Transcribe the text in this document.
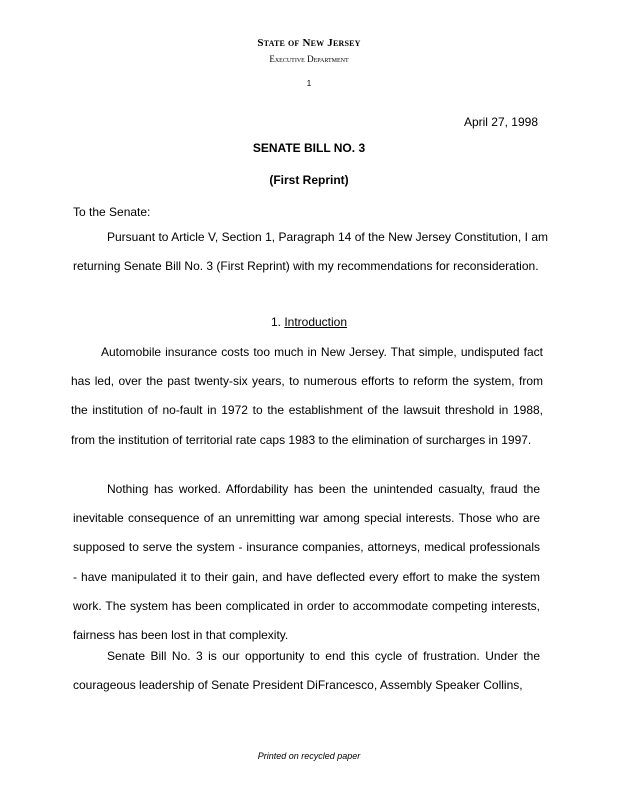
State of New Jersey

Executive Department

1

April 27, 1998

SENATE BILL NO. 3

(First Reprint)

To the Senate:

Pursuant to Article V, Section 1, Paragraph 14 of the New Jersey Constitution, I am returning Senate Bill No. 3 (First Reprint) with my recommendations for reconsideration.

1. Introduction

Automobile insurance costs too much in New Jersey. That simple, undisputed fact has led, over the past twenty-six years, to numerous efforts to reform the system, from the institution of no-fault in 1972 to the establishment of the lawsuit threshold in 1988, from the institution of territorial rate caps 1983 to the elimination of surcharges in 1997.

Nothing has worked. Affordability has been the unintended casualty, fraud the inevitable consequence of an unremitting war among special interests. Those who are supposed to serve the system - insurance companies, attorneys, medical professionals - have manipulated it to their gain, and have deflected every effort to make the system work. The system has been complicated in order to accommodate competing interests, fairness has been lost in that complexity.

Senate Bill No. 3 is our opportunity to end this cycle of frustration. Under the courageous leadership of Senate President DiFrancesco, Assembly Speaker Collins,

Printed on recycled paper
